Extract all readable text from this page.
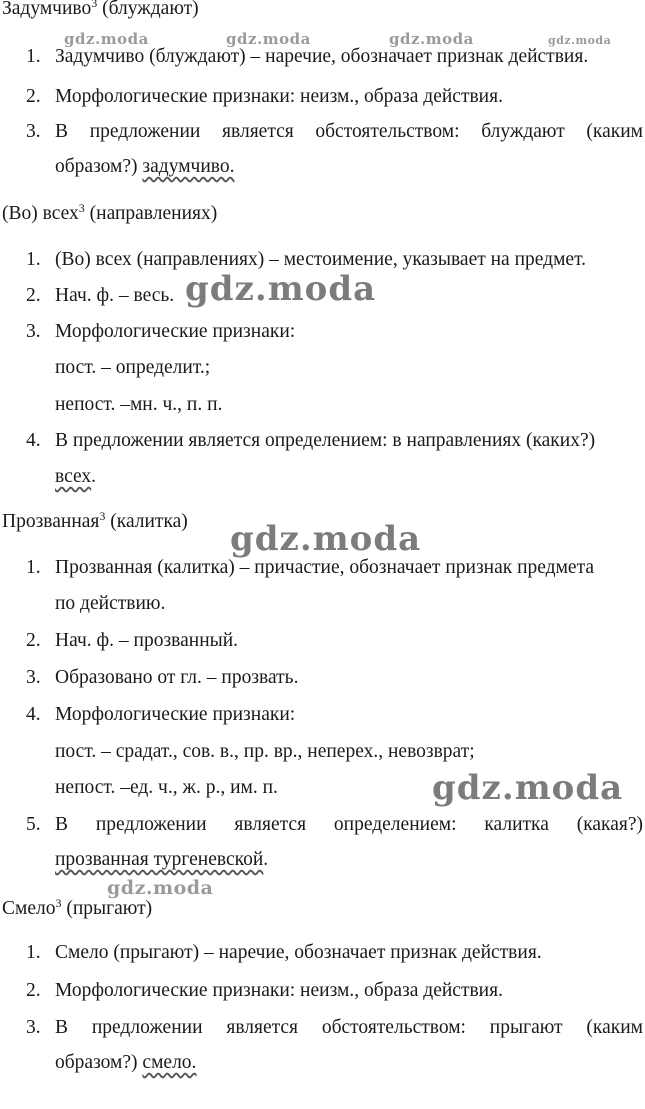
Задумчиво$^3$ (блуждают)
1. Задумчиво (блуждают) – наречие, обозначает признак действия.
2. Морфологические признаки: неизм., образа действия.
3. В предложении является обстоятельством: блуждают (каким
образом?) задумчиво.
(Во) всех$^3$ (направлениях)
1. (Во) всех (направлениях) – местоимение, указывает на предмет.
2. Нач. ф. – весь.
3. Морфологические признаки:
пост. – определит.;
непост. –мн. ч., п. п.
4. В предложении является определением: в направлениях (каких?)
всех.
Прозванная$^3$ (калитка)
1. Прозванная (калитка) – причастие, обозначает признак предмета
по действию.
2. Нач. ф. – прозванный.
3. Образовано от гл. – прозвать.
4. Морфологические признаки:
пост. – срадат., сов. в., пр. вр., неперех., невозврат;
непост. –ед. ч., ж. р., им. п.
5. В предложении является определением: калитка (какая?)
прозванная тургеневской.
Смело$^3$ (прыгают)
1. Смело (прыгают) – наречие, обозначает признак действия.
2. Морфологические признаки: неизм., образа действия.
3. В предложении является обстоятельством: прыгают (каким
образом?) смело.
gdz.moda	gdz.moda	gdz.moda	gdz.moda
gdz.moda
gdz.moda
gdz.moda
gdz.moda
